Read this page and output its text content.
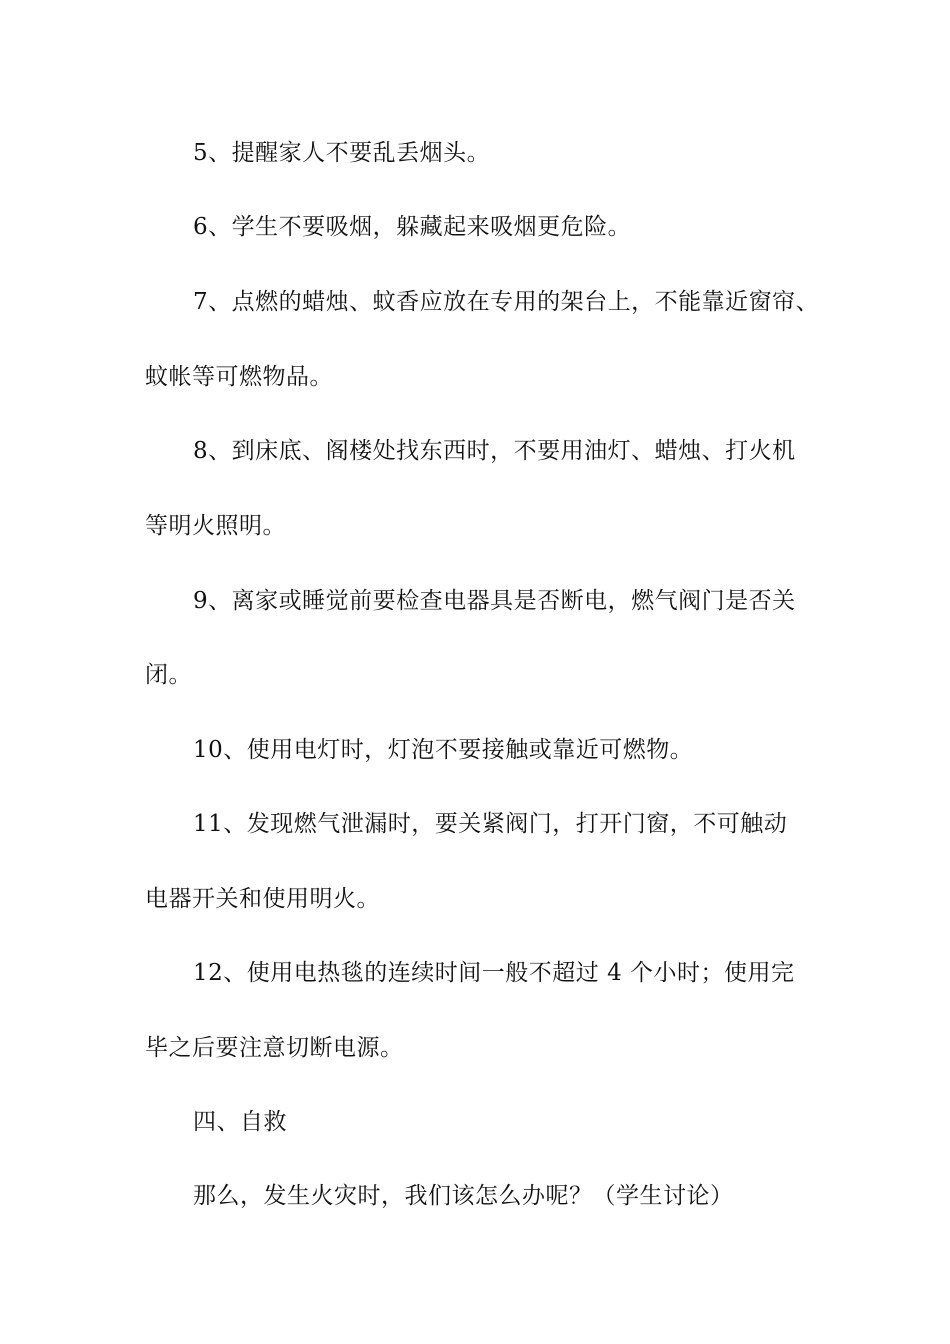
5、提醒家人不要乱丢烟头。

6、学生不要吸烟，躲藏起来吸烟更危险。

7、点燃的蜡烛、蚊香应放在专用的架台上，不能靠近窗帘、

蚊帐等可燃物品。

8、到床底、阁楼处找东西时，不要用油灯、蜡烛、打火机

等明火照明。

9、离家或睡觉前要检查电器具是否断电，燃气阀门是否关

闭。

10、使用电灯时，灯泡不要接触或靠近可燃物。

11、发现燃气泄漏时，要关紧阀门，打开门窗，不可触动

电器开关和使用明火。

12、使用电热毯的连续时间一般不超过 4 个小时；使用完

毕之后要注意切断电源。

四、自救

那么，发生火灾时，我们该怎么办呢？（学生讨论）
